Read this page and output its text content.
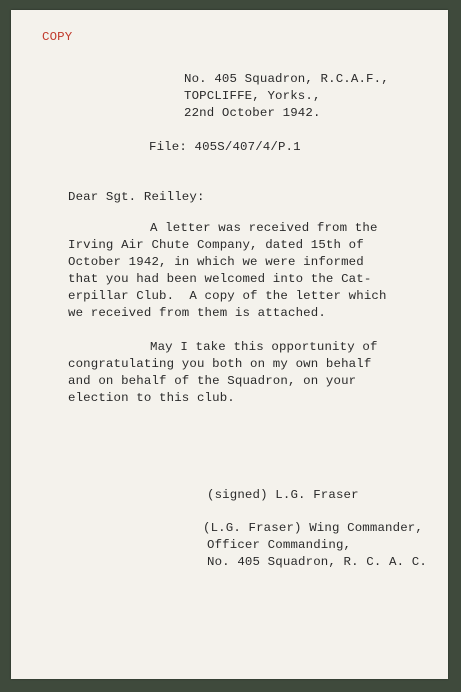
COPY
No. 405 Squadron, R.C.A.F.,
TOPCLIFFE, Yorks.,
22nd October 1942.
File: 405S/407/4/P.1
Dear Sgt. Reilley:
A letter was received from the
Irving Air Chute Company, dated 15th of
October 1942, in which we were informed
that you had been welcomed into the Cat-
erpillar Club.  A copy of the letter which
we received from them is attached.
May I take this opportunity of
congratulating you both on my own behalf
and on behalf of the Squadron, on your
election to this club.
(signed) L.G. Fraser
(L.G. Fraser) Wing Commander,
Officer Commanding,
No. 405 Squadron, R. C. A. C.
